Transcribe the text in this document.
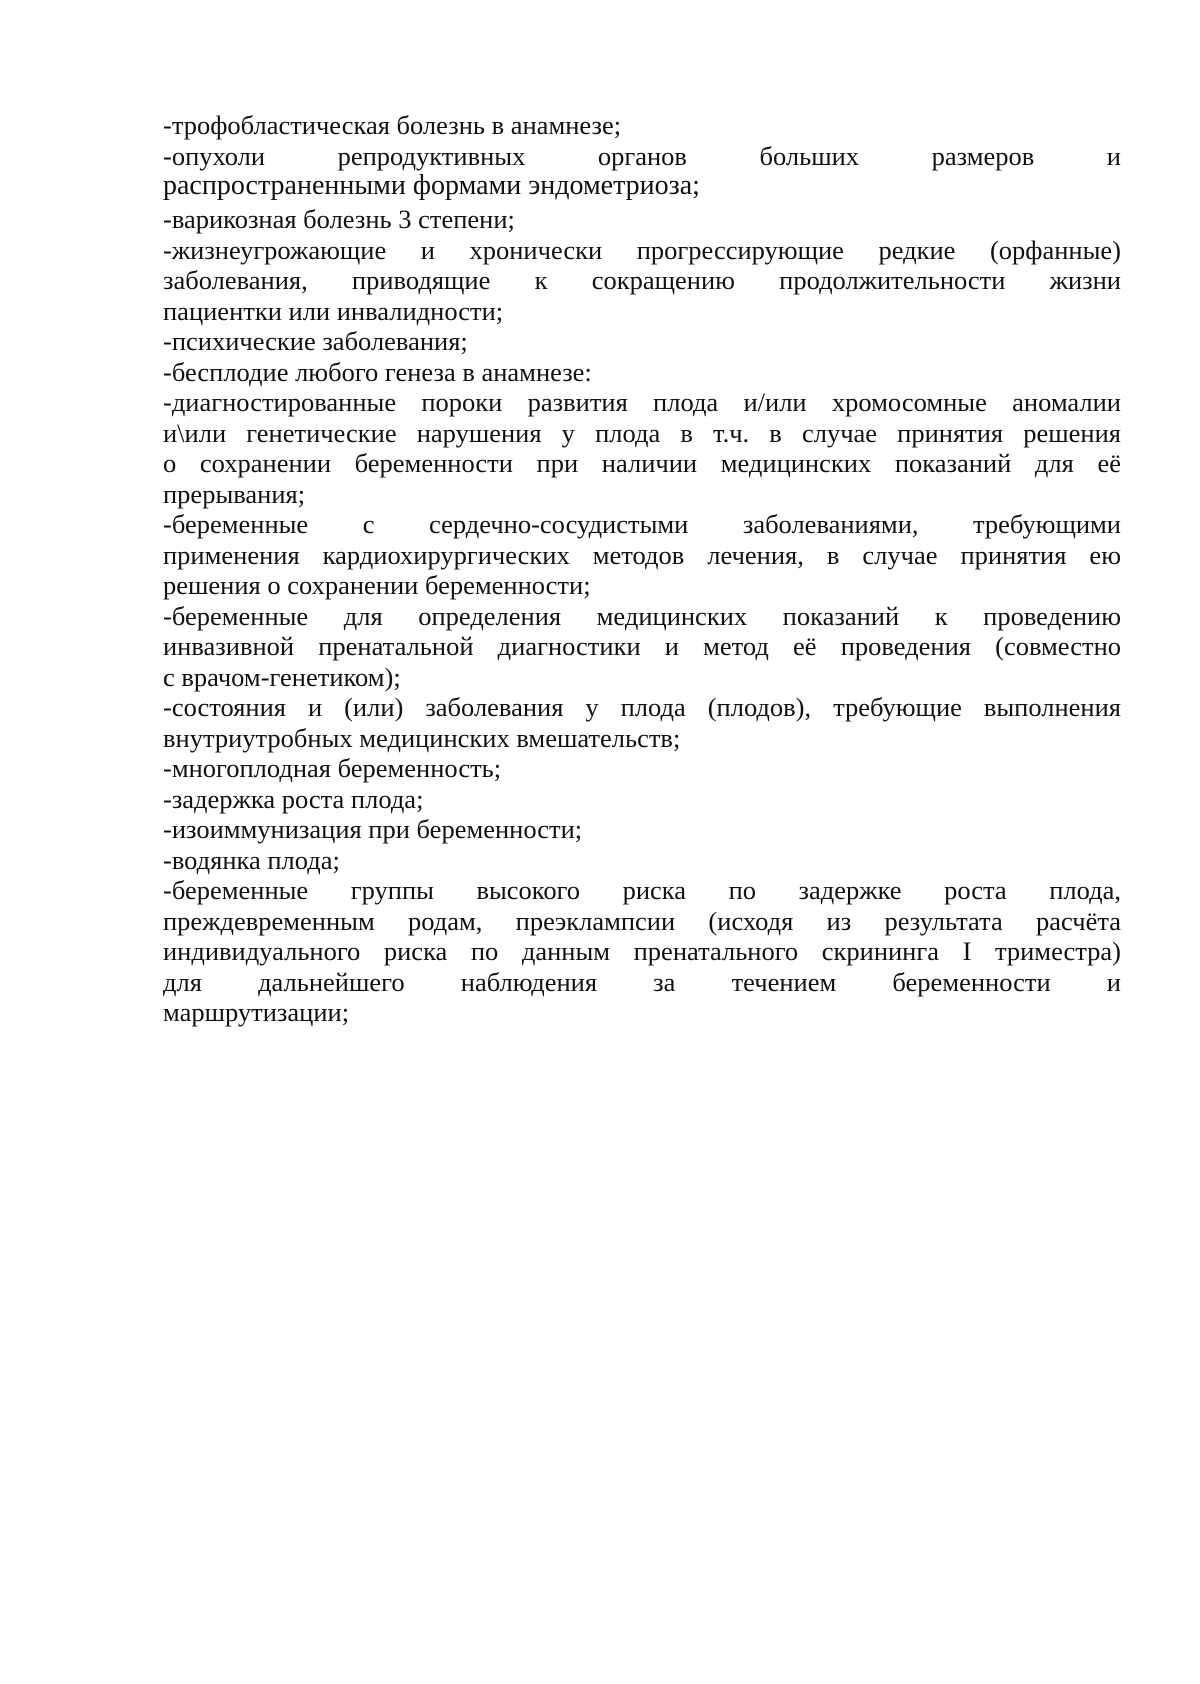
-трофобластическая болезнь в анамнезе;
-опухоли репродуктивных органов больших размеров и
распространенными формами эндометриоза;
-варикозная болезнь 3 степени;
-жизнеугрожающие и хронически прогрессирующие редкие (орфанные)
заболевания, приводящие к сокращению продолжительности жизни
пациентки или инвалидности;
-психические заболевания;
-бесплодие любого генеза в анамнезе:
-диагностированные пороки развития плода и/или хромосомные аномалии
и\или генетические нарушения у плода в т.ч. в случае принятия решения
о сохранении беременности при наличии медицинских показаний для её
прерывания;
-беременные с сердечно-сосудистыми заболеваниями, требующими
применения кардиохирургических методов лечения, в случае принятия ею
решения о сохранении беременности;
-беременные для определения медицинских показаний к проведению
инвазивной пренатальной диагностики и метод её проведения (совместно
с врачом-генетиком);
-состояния и (или) заболевания у плода (плодов), требующие выполнения
внутриутробных медицинских вмешательств;
-многоплодная беременность;
-задержка роста плода;
-изоиммунизация при беременности;
-водянка плода;
-беременные группы высокого риска по задержке роста плода,
преждевременным родам, преэклампсии (исходя из результата расчёта
индивидуального риска по данным пренатального скрининга I триместра)
для дальнейшего наблюдения за течением беременности и
маршрутизации;
